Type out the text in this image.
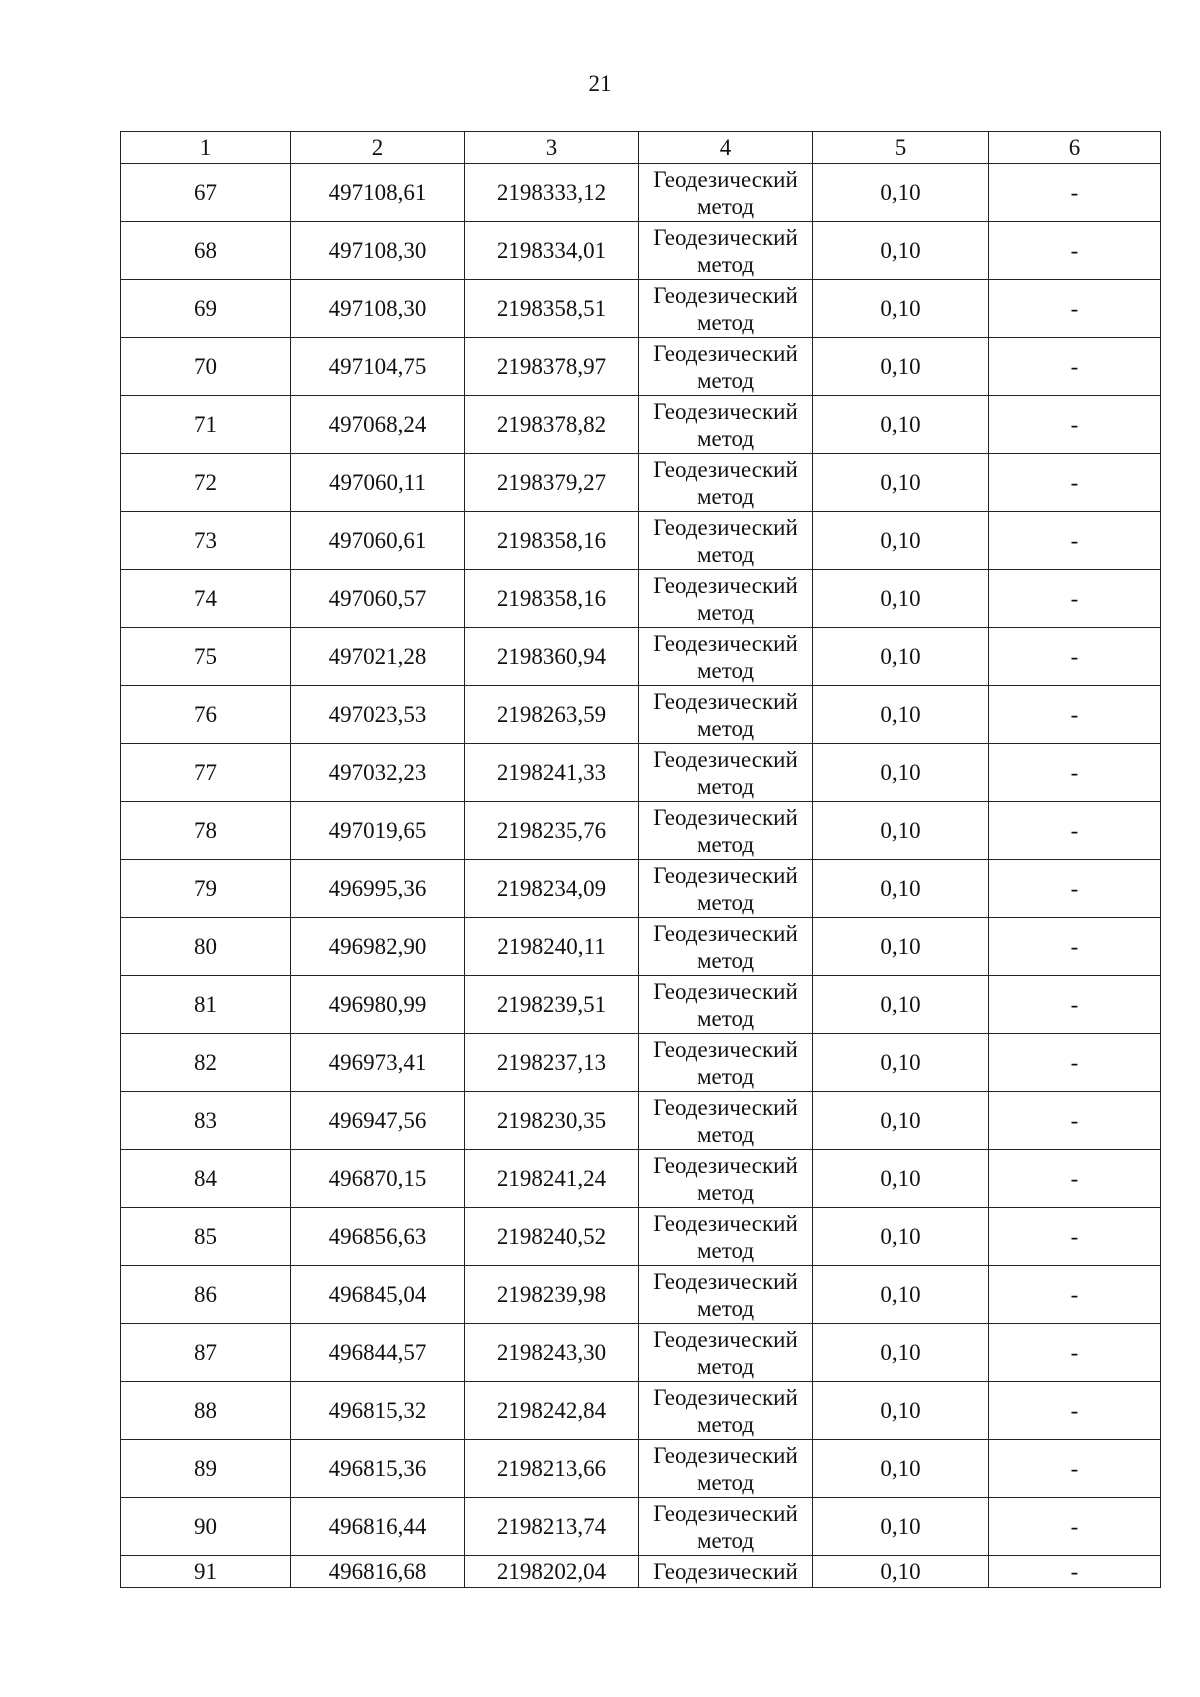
21
1	2	3	4	5	6
67	497108,61	2198333,12	Геодезический метод	0,10	-
68	497108,30	2198334,01	Геодезический метод	0,10	-
69	497108,30	2198358,51	Геодезический метод	0,10	-
70	497104,75	2198378,97	Геодезический метод	0,10	-
71	497068,24	2198378,82	Геодезический метод	0,10	-
72	497060,11	2198379,27	Геодезический метод	0,10	-
73	497060,61	2198358,16	Геодезический метод	0,10	-
74	497060,57	2198358,16	Геодезический метод	0,10	-
75	497021,28	2198360,94	Геодезический метод	0,10	-
76	497023,53	2198263,59	Геодезический метод	0,10	-
77	497032,23	2198241,33	Геодезический метод	0,10	-
78	497019,65	2198235,76	Геодезический метод	0,10	-
79	496995,36	2198234,09	Геодезический метод	0,10	-
80	496982,90	2198240,11	Геодезический метод	0,10	-
81	496980,99	2198239,51	Геодезический метод	0,10	-
82	496973,41	2198237,13	Геодезический метод	0,10	-
83	496947,56	2198230,35	Геодезический метод	0,10	-
84	496870,15	2198241,24	Геодезический метод	0,10	-
85	496856,63	2198240,52	Геодезический метод	0,10	-
86	496845,04	2198239,98	Геодезический метод	0,10	-
87	496844,57	2198243,30	Геодезический метод	0,10	-
88	496815,32	2198242,84	Геодезический метод	0,10	-
89	496815,36	2198213,66	Геодезический метод	0,10	-
90	496816,44	2198213,74	Геодезический метод	0,10	-
91	496816,68	2198202,04	Геодезический	0,10	-
